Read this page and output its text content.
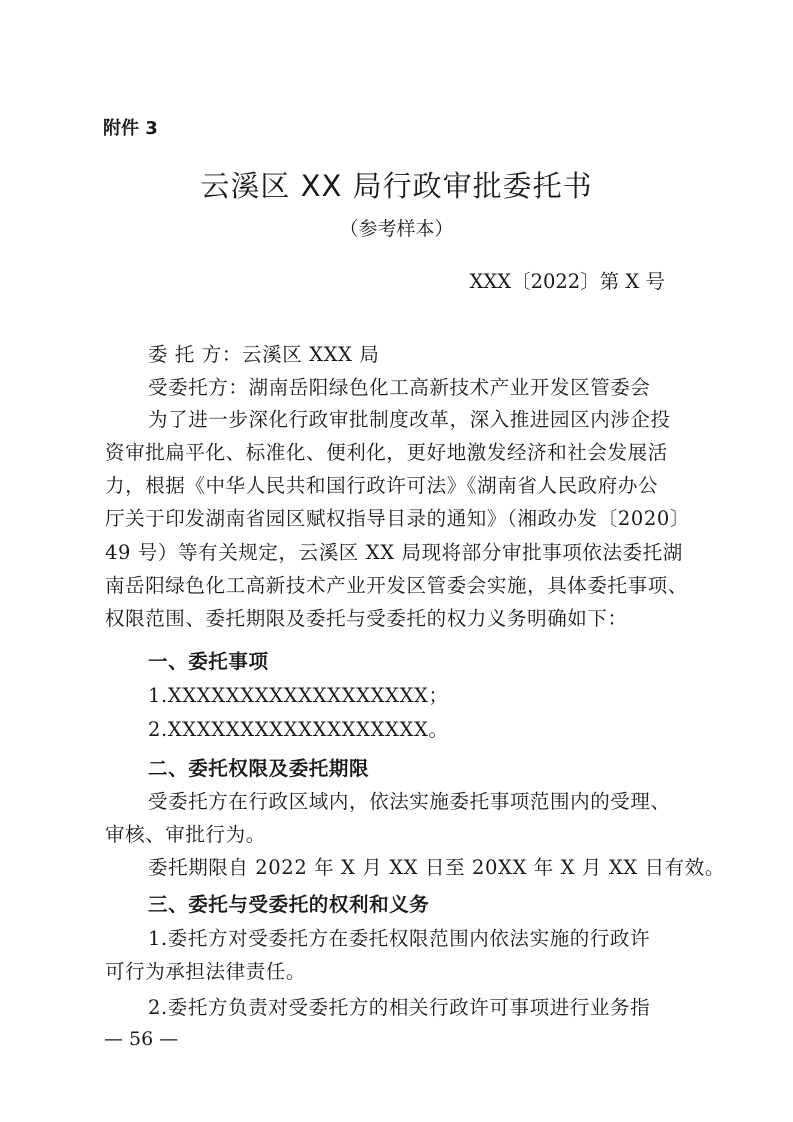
附件 3
云溪区 XX 局行政审批委托书
（参考样本）
XXX〔2022〕第 X 号
委 托 方：云溪区 XXX 局
受委托方：湖南岳阳绿色化工高新技术产业开发区管委会
为了进一步深化行政审批制度改革，深入推进园区内涉企投
资审批扁平化、标准化、便利化，更好地激发经济和社会发展活
力，根据《中华人民共和国行政许可法》《湖南省人民政府办公
厅关于印发湖南省园区赋权指导目录的通知》（湘政办发〔2020〕
49 号）等有关规定，云溪区 XX 局现将部分审批事项依法委托湖
南岳阳绿色化工高新技术产业开发区管委会实施，具体委托事项、
权限范围、委托期限及委托与受委托的权力义务明确如下：
一、委托事项
1.XXXXXXXXXXXXXXXXXX；
2.XXXXXXXXXXXXXXXXXX。
二、委托权限及委托期限
受委托方在行政区域内，依法实施委托事项范围内的受理、
审核、审批行为。
委托期限自 2022 年 X 月 XX 日至 20XX 年 X 月 XX 日有效。
三、委托与受委托的权利和义务
1.委托方对受委托方在委托权限范围内依法实施的行政许
可行为承担法律责任。
2.委托方负责对受委托方的相关行政许可事项进行业务指
— 56 —
